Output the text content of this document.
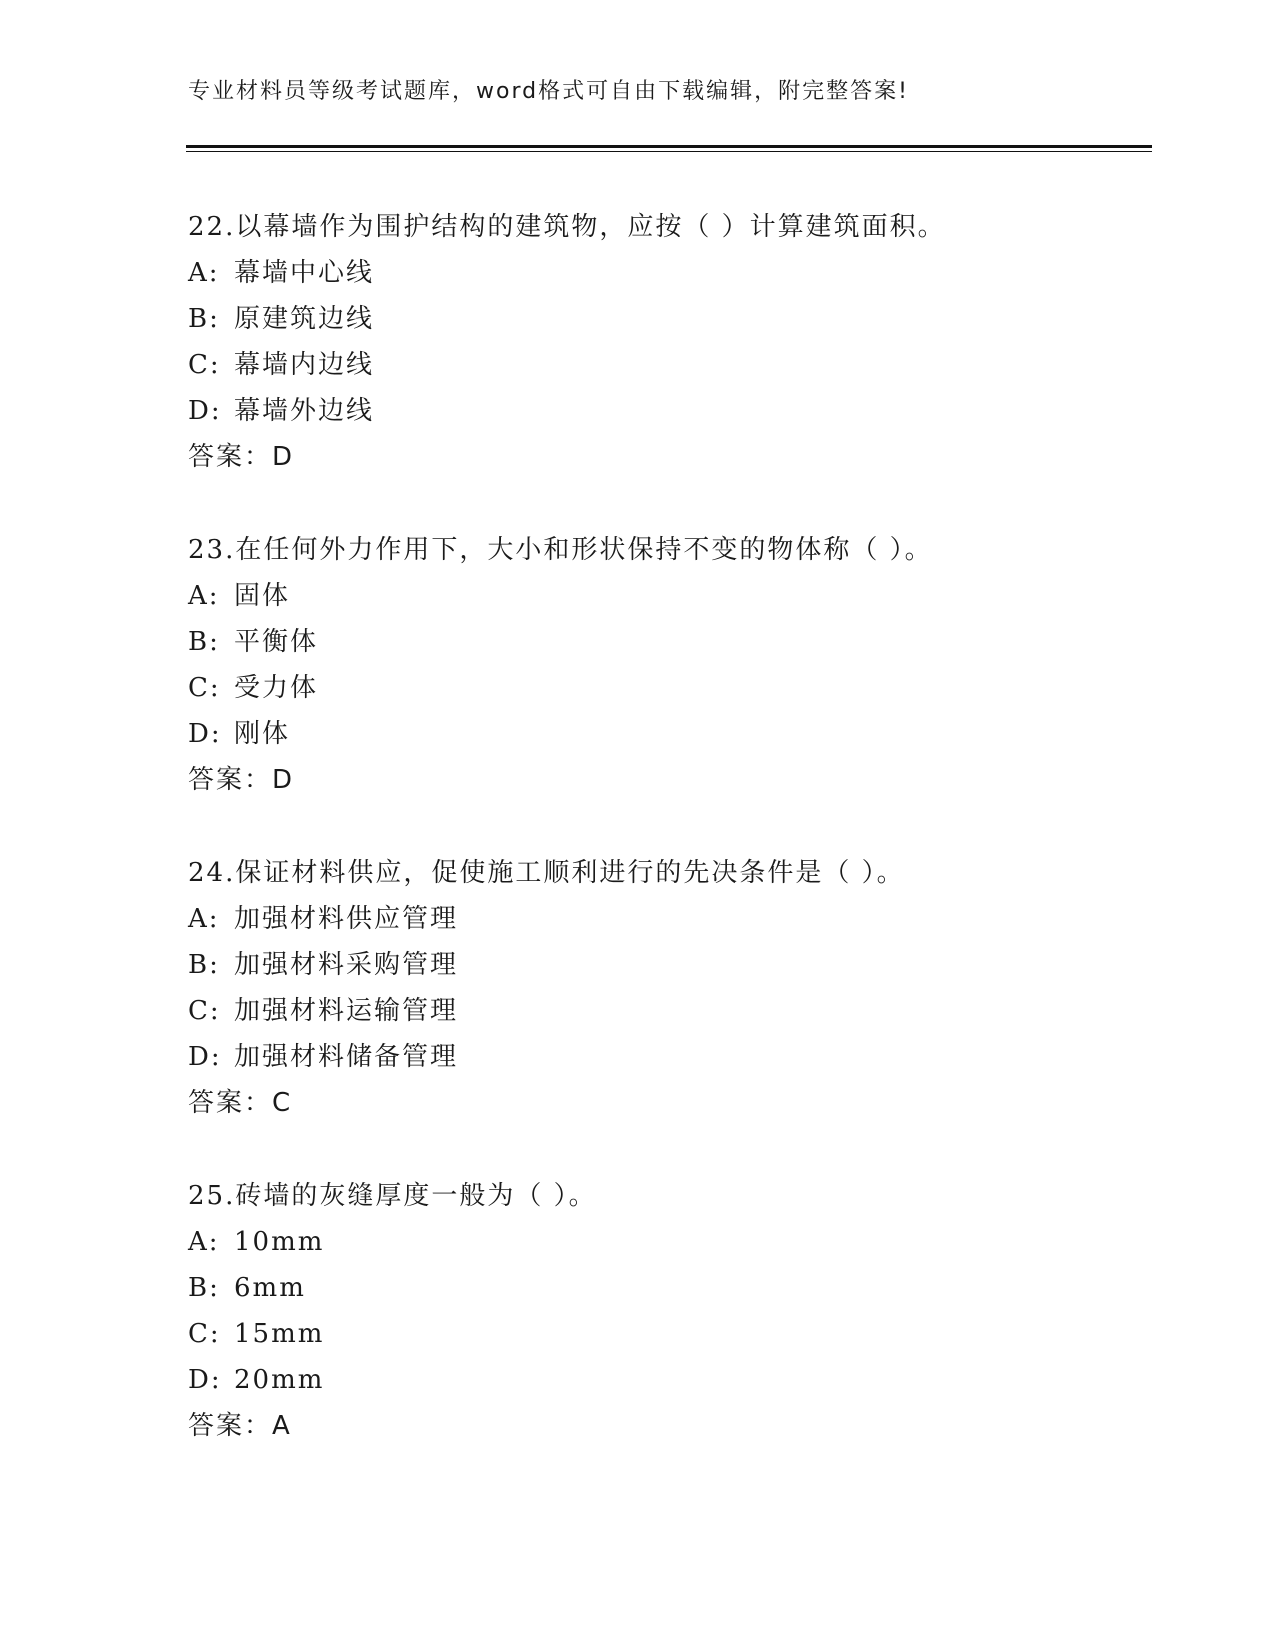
专业材料员等级考试题库，word格式可自由下载编辑，附完整答案!
22.以幕墙作为围护结构的建筑物，应按（ ）计算建筑面积。
A: 幕墙中心线
B: 原建筑边线
C: 幕墙内边线
D: 幕墙外边线
答案：D
23.在任何外力作用下，大小和形状保持不变的物体称（ ）。
A: 固体
B: 平衡体
C: 受力体
D: 刚体
答案：D
24.保证材料供应，促使施工顺利进行的先决条件是（ ）。
A: 加强材料供应管理
B: 加强材料采购管理
C: 加强材料运输管理
D: 加强材料储备管理
答案：C
25.砖墙的灰缝厚度一般为（ ）。
A: 10mm
B: 6mm
C: 15mm
D: 20mm
答案：A
